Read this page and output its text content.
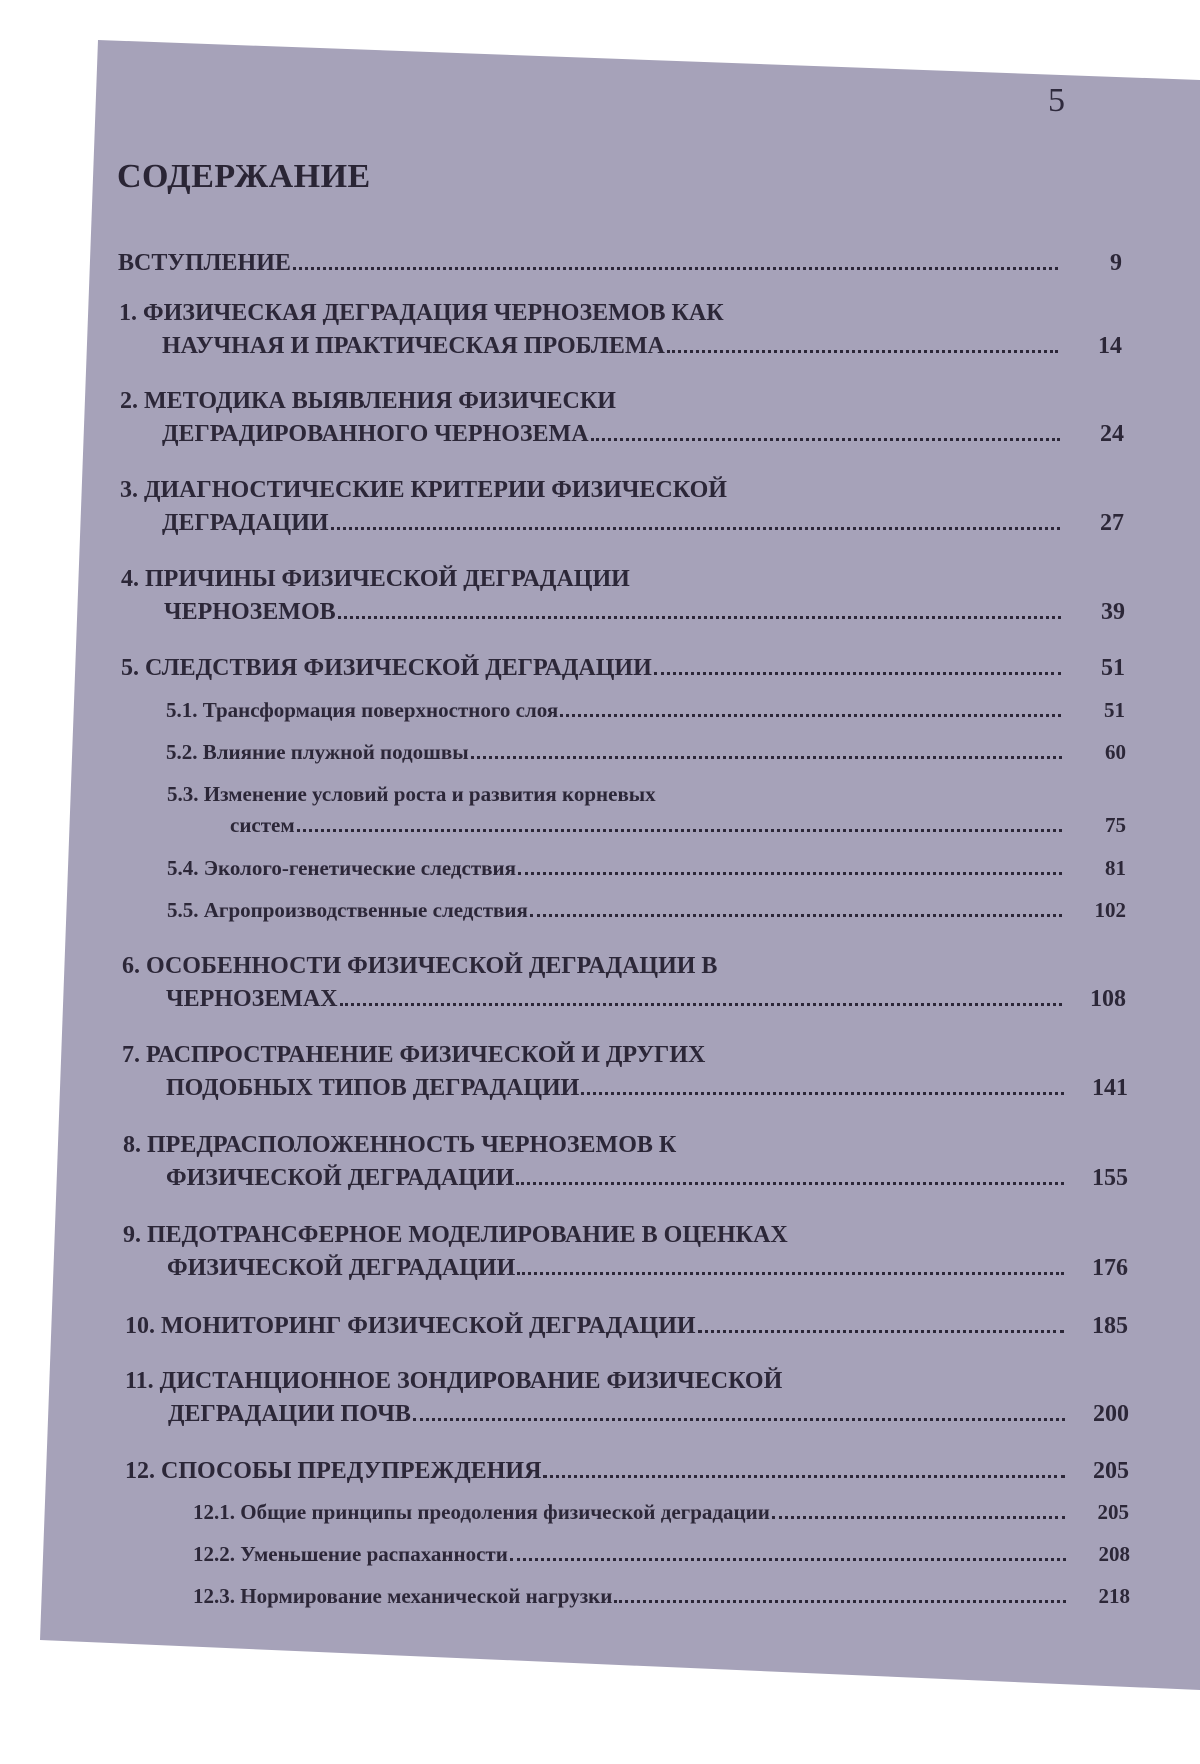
5
СОДЕРЖАНИЕ
ВСТУПЛЕНИЕ	9
1. ФИЗИЧЕСКАЯ ДЕГРАДАЦИЯ ЧЕРНОЗЕМОВ КАК
НАУЧНАЯ И ПРАКТИЧЕСКАЯ ПРОБЛЕМА	14
2. МЕТОДИКА ВЫЯВЛЕНИЯ ФИЗИЧЕСКИ
ДЕГРАДИРОВАННОГО ЧЕРНОЗЕМА	24
3. ДИАГНОСТИЧЕСКИЕ КРИТЕРИИ ФИЗИЧЕСКОЙ
ДЕГРАДАЦИИ	27
4. ПРИЧИНЫ ФИЗИЧЕСКОЙ ДЕГРАДАЦИИ
ЧЕРНОЗЕМОВ	39
5. СЛЕДСТВИЯ ФИЗИЧЕСКОЙ ДЕГРАДАЦИИ	51
5.1. Трансформация поверхностного слоя	51
5.2. Влияние плужной подошвы	60
5.3. Изменение условий роста и развития корневых
систем	75
5.4. Эколого-генетические следствия	81
5.5. Агропроизводственные следствия	102
6. ОСОБЕННОСТИ ФИЗИЧЕСКОЙ ДЕГРАДАЦИИ В
ЧЕРНОЗЕМАХ	108
7. РАСПРОСТРАНЕНИЕ ФИЗИЧЕСКОЙ И ДРУГИХ
ПОДОБНЫХ ТИПОВ ДЕГРАДАЦИИ	141
8. ПРЕДРАСПОЛОЖЕННОСТЬ ЧЕРНОЗЕМОВ К
ФИЗИЧЕСКОЙ ДЕГРАДАЦИИ	155
9. ПЕДОТРАНСФЕРНОЕ МОДЕЛИРОВАНИЕ В ОЦЕНКАХ
ФИЗИЧЕСКОЙ ДЕГРАДАЦИИ	176
10. МОНИТОРИНГ ФИЗИЧЕСКОЙ ДЕГРАДАЦИИ	185
11. ДИСТАНЦИОННОЕ ЗОНДИРОВАНИЕ ФИЗИЧЕСКОЙ
ДЕГРАДАЦИИ ПОЧВ	200
12. СПОСОБЫ ПРЕДУПРЕЖДЕНИЯ	205
12.1. Общие принципы преодоления физической деградации	205
12.2. Уменьшение распаханности	208
12.3. Нормирование механической нагрузки	218
